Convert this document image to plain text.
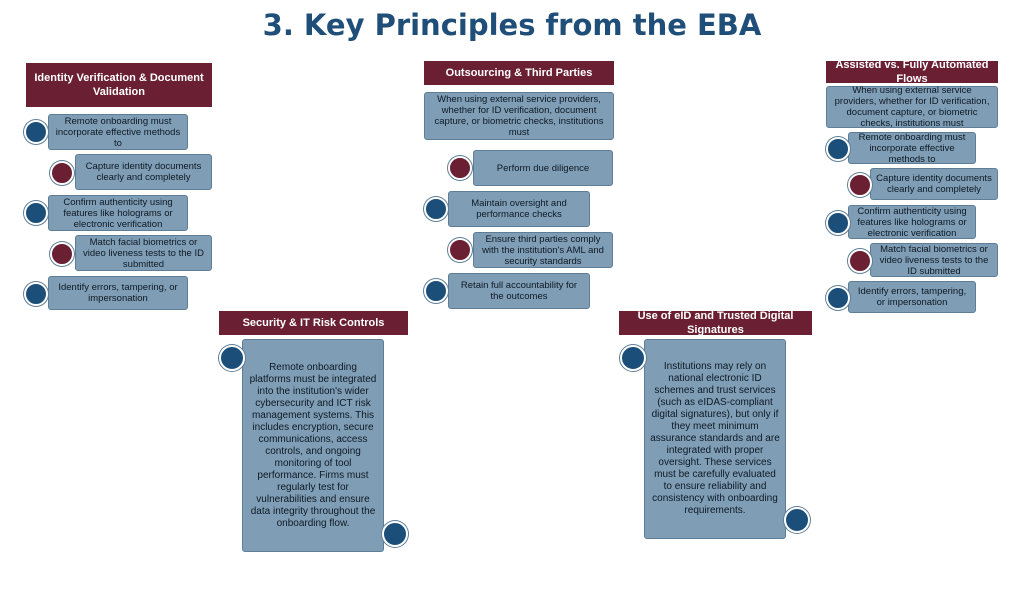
3. Key Principles from the EBA
Identity Verification & Document Validation
Remote onboarding must incorporate effective methods to
Capture identity documents clearly and completely
Confirm authenticity using features like holograms or electronic verification
Match facial biometrics or video liveness tests to the ID submitted
Identify errors, tampering, or impersonation
Outsourcing & Third Parties
When using external service providers, whether for ID verification, document capture, or biometric checks, institutions must
Perform due diligence
Maintain oversight and performance checks
Ensure third parties comply with the institution's AML and security standards
Retain full accountability for the outcomes
Assisted vs. Fully Automated Flows
When using external service providers, whether for ID verification, document capture, or biometric checks, institutions must
Remote onboarding must incorporate effective methods to
Capture identity documents clearly and completely
Confirm authenticity using features like holograms or electronic verification
Match facial biometrics or video liveness tests to the ID submitted
Identify errors, tampering, or impersonation
Security & IT Risk Controls
Remote onboarding platforms must be integrated into the institution's wider cybersecurity and ICT risk management systems. This includes encryption, secure communications, access controls, and ongoing monitoring of tool performance. Firms must regularly test for vulnerabilities and ensure data integrity throughout the onboarding flow.
Use of eID and Trusted Digital Signatures
Institutions may rely on national electronic ID schemes and trust services (such as eIDAS-compliant digital signatures), but only if they meet minimum assurance standards and are integrated with proper oversight. These services must be carefully evaluated to ensure reliability and consistency with onboarding requirements.
